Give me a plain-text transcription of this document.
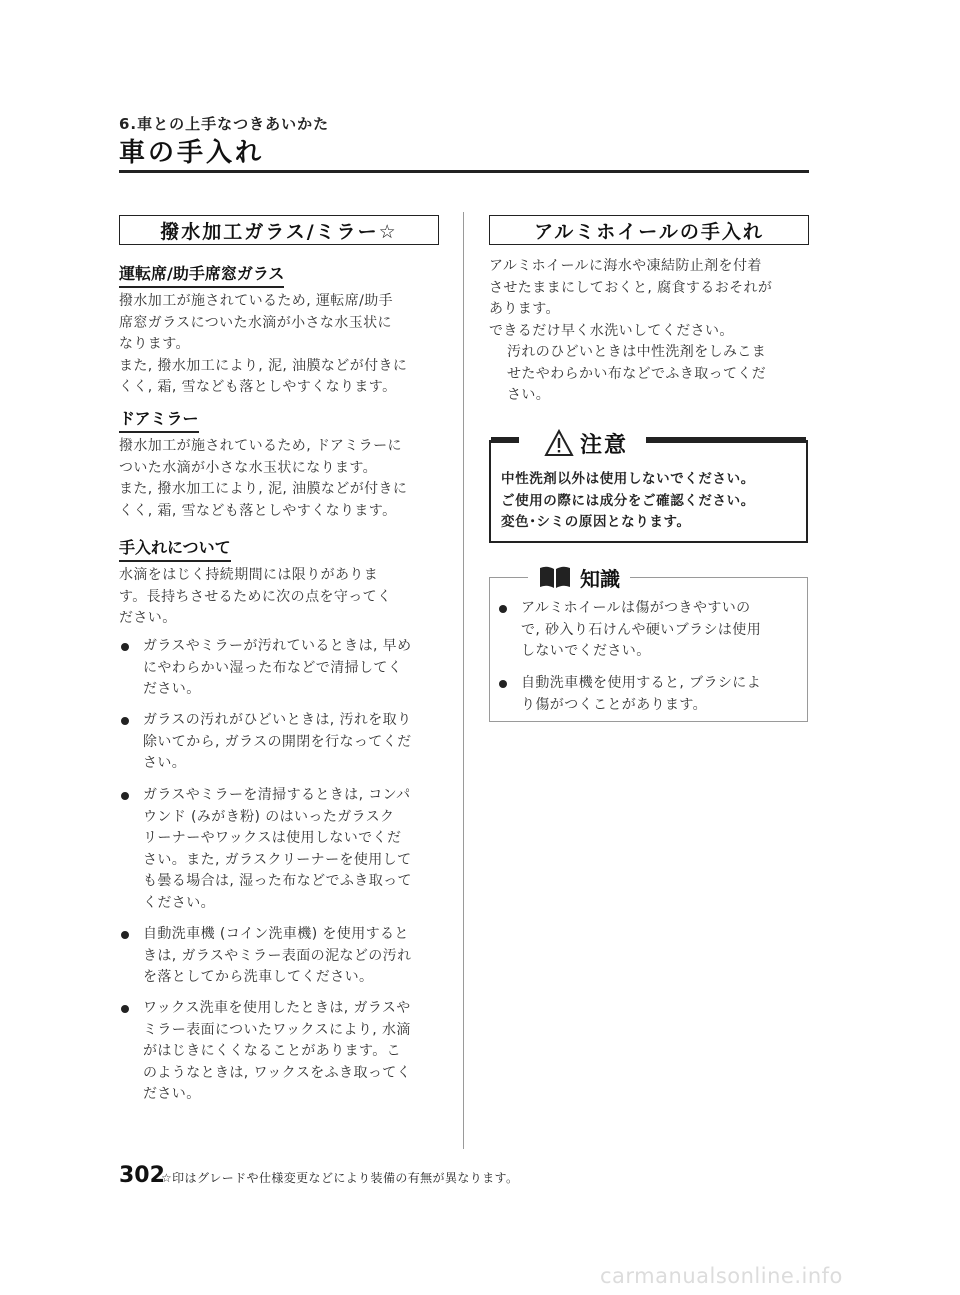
6.車との上手なつきあいかた
車の手入れ
撥水加工ガラス/ミラー☆
運転席/助手席窓ガラス

撥水加工が施されているため, 運転席/助手

席窓ガラスについた水滴が小さな水玉状に

なります。

また, 撥水加工により, 泥, 油膜などが付きに

くく, 霜, 雪なども落としやすくなります。

ドアミラー

撥水加工が施されているため, ドアミラーに

ついた水滴が小さな水玉状になります。

また, 撥水加工により, 泥, 油膜などが付きに

くく, 霜, 雪なども落としやすくなります。

手入れについて

水滴をはじく持続期間には限りがありま

す。長持ちさせるために次の点を守ってく

ださい。

ガラスやミラーが汚れているときは, 早め
にやわらかい湿った布などで清掃してく
ださい。
ガラスの汚れがひどいときは, 汚れを取り
除いてから, ガラスの開閉を行なってくだ
さい。
ガラスやミラーを清掃するときは, コンパ
ウンド (みがき粉) のはいったガラスク
リーナーやワックスは使用しないでくだ
さい。また, ガラスクリーナーを使用して
も曇る場合は, 湿った布などでふき取って
ください。
自動洗車機 (コイン洗車機) を使用すると
きは, ガラスやミラー表面の泥などの汚れ
を落としてから洗車してください。
ワックス洗車を使用したときは, ガラスや
ミラー表面についたワックスにより, 水滴
がはじきにくくなることがあります。こ
のようなときは, ワックスをふき取ってく
ださい。
アルミホイールの手入れ

アルミホイールに海水や凍結防止剤を付着

させたままにしておくと, 腐食するおそれが

あります。

できるだけ早く水洗いしてください。

汚れのひどいときは中性洗剤をしみこま

せたやわらかい布などでふき取ってくだ

さい。

注意
中性洗剤以外は使用しないでください。
ご使用の際には成分をご確認ください。
変色･シミの原因となります。
知識
アルミホイールは傷がつきやすいの
で, 砂入り石けんや硬いブラシは使用
しないでください。
自動洗車機を使用すると, ブラシによ
り傷がつくことがあります。
302
☆印はグレードや仕様変更などにより装備の有無が異なります。
carmanualsonline.info
